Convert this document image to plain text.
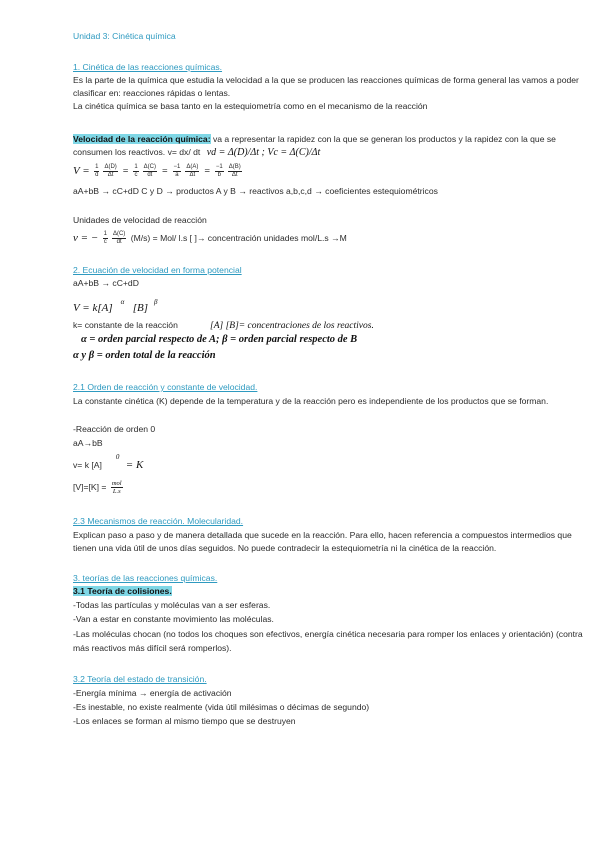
Unidad 3: Cinética química
1. Cinética de las reacciones químicas.
Es la parte de la química que estudia la velocidad a la que se producen las reacciones químicas de forma general las vamos a poder
clasificar en: reacciones rápidas o lentas.
La cinética química se basa tanto en la estequiometría como en el mecanismo de la reacción
Velocidad de la reacción química: va a representar la rapidez con la que se generan los productos y la rapidez con la que se
consumen los reactivos. v= dx/ dt vd = Δ(D)/Δt ; Vc = Δ(C)/Δt
$V = \frac{1}{d} \frac{\Delta(D)}{\Delta t} = \frac{1}{c} \frac{\Delta(C)}{dt} = \frac{-1}{a} \frac{\Delta(A)}{\Delta t} = \frac{-1}{b} \frac{\Delta(B)}{\Delta t}$
aA+bB → cC+dD C y D → productos A y B → reactivos a,b,c,d → coeficientes estequiométricos
Unidades de velocidad de reacción
v = − $\frac{1}{c} \frac{\Delta(C)}{dt} (M/s) = Mol/$ l.s [ ]→ concentración unidades mol/L.s →M
2. Ecuación de velocidad en forma potencial
aA+bB → cC+dD
V = k[A] $^\alpha$ [B] $^\beta$
k= constante de la reacción	[A] [B]= concentraciones de los reactivos.
α = orden parcial respecto de A; β = orden parcial respecto de B
α y β = orden total de la reacción
2.1 Orden de reacción y constante de velocidad.
La constante cinética (K) depende de la temperatura y de la reacción pero es independiente de los productos que se forman.
-Reacción de orden 0
aA→bB
v= k $[A]^0 = K$
$[V]=[K] = \frac{\text{mol}}{L.s}$
2.3 Mecanismos de reacción. Molecularidad.
Explican paso a paso y de manera detallada que sucede en la reacción. Para ello, hacen referencia a compuestos intermedios que
tienen una vida útil de unos días seguidos. No puede contradecir la estequiometría ni la cinética de la reacción.
3. teorías de las reacciones químicas.
3.1 Teoría de colisiones.
-Todas las partículas y moléculas van a ser esferas.
-Van a estar en constante movimiento las moléculas.
-Las moléculas chocan (no todos los choques son efectivos, energía cinética necesaria para romper los enlaces y orientación) (contra
más reactivos más difícil será romperlos).
3.2 Teoría del estado de transición.
-Energía mínima → energía de activación
-Es inestable, no existe realmente (vida útil milésimas o décimas de segundo)
-Los enlaces se forman al mismo tiempo que se destruyen
